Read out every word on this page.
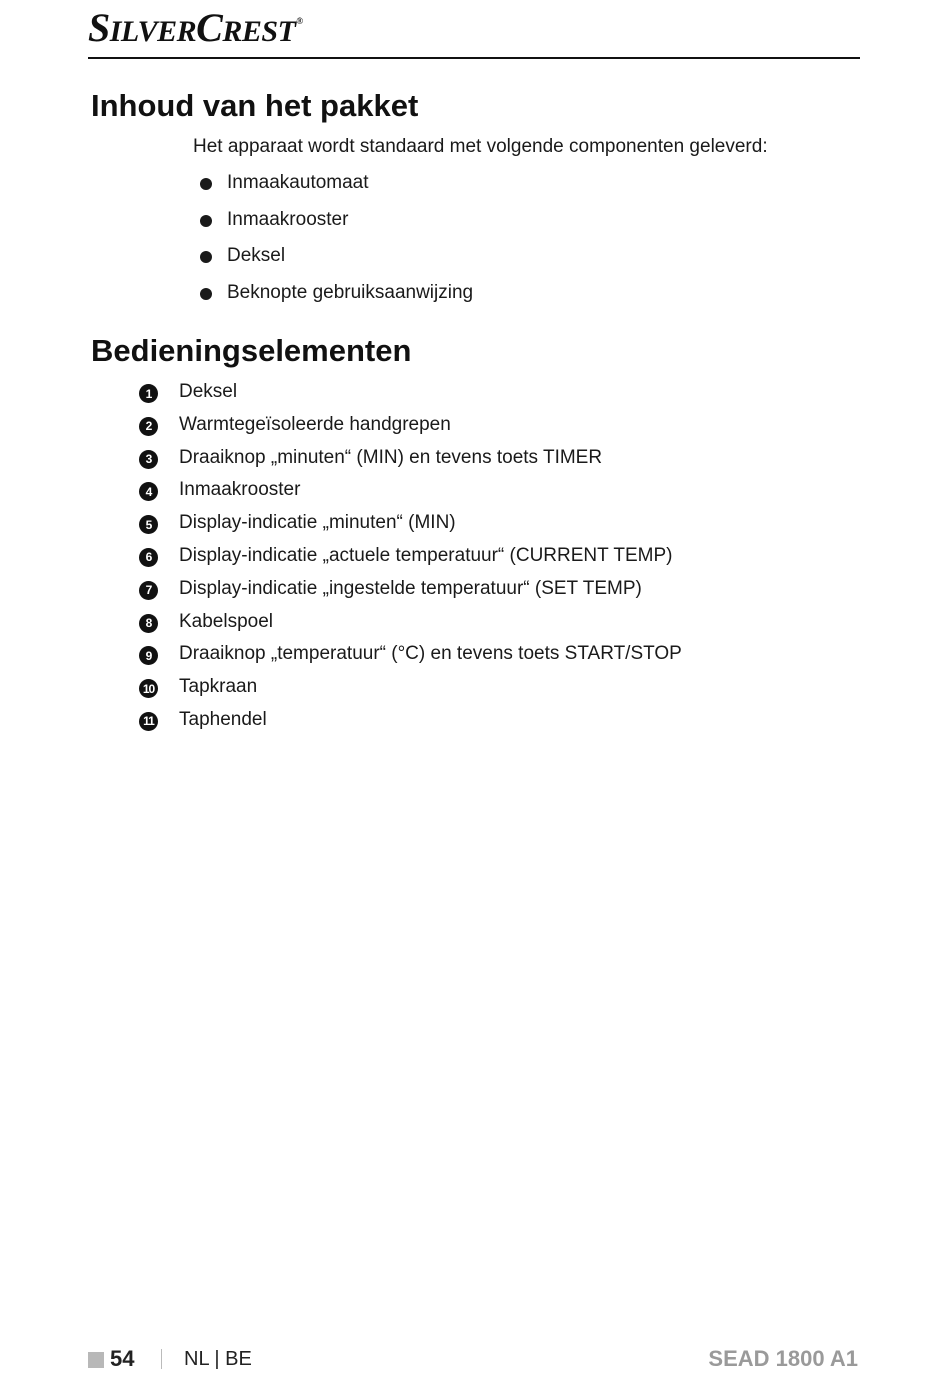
SILVERCREST®
Inhoud van het pakket
Het apparaat wordt standaard met volgende componenten geleverd:
Inmaakautomaat
Inmaakrooster
Deksel
Beknopte gebruiksaanwijzing
Bedieningselementen
1	Deksel
2	Warmtegeïsoleerde handgrepen
3	Draaiknop „minuten“ (MIN) en tevens toets TIMER
4	Inmaakrooster
5	Display-indicatie „minuten“ (MIN)
6	Display-indicatie „actuele temperatuur“ (CURRENT TEMP)
7	Display-indicatie „ingestelde temperatuur“ (SET TEMP)
8	Kabelspoel
9	Draaiknop „temperatuur“ (°C) en tevens toets START/STOP
10 Tapkraan
11 Taphendel
54 NL | BE	SEAD 1800 A1
